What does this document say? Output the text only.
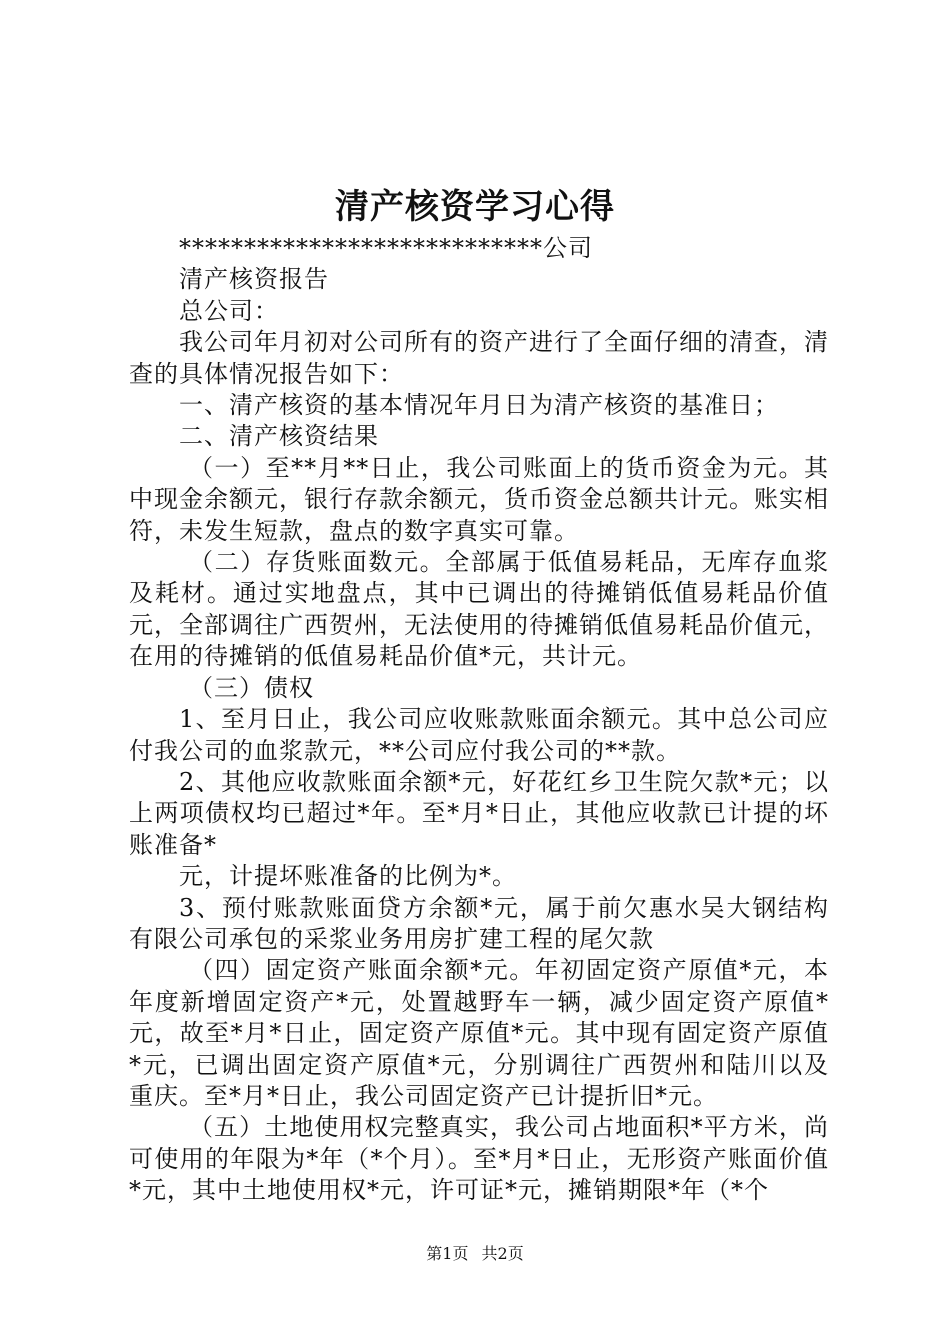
清产核资学习心得

****************************公司

清产核资报告

总公司：

我公司年月初对公司所有的资产进行了全面仔细的清查，清查的具体情况报告如下：

一、清产核资的基本情况年月日为清产核资的基准日；

二、清产核资结果

（一）至**月**日止，我公司账面上的货币资金为元。其中现金余额元，银行存款余额元，货币资金总额共计元。账实相符，未发生短款，盘点的数字真实可靠。

（二）存货账面数元。全部属于低值易耗品，无库存血浆及耗材。通过实地盘点，其中已调出的待摊销低值易耗品价值元，全部调往广西贺州，无法使用的待摊销低值易耗品价值元，在用的待摊销的低值易耗品价值*元，共计元。

（三）债权

1、至月日止，我公司应收账款账面余额元。其中总公司应付我公司的血浆款元，**公司应付我公司的**款。

2、其他应收款账面余额*元，好花红乡卫生院欠款*元；以上两项债权均已超过*年。至*月*日止，其他应收款已计提的坏账准备*

元，计提坏账准备的比例为*。

3、预付账款账面贷方余额*元，属于前欠惠水吴大钢结构有限公司承包的采浆业务用房扩建工程的尾欠款

（四）固定资产账面余额*元。年初固定资产原值*元，本年度新增固定资产*元，处置越野车一辆，减少固定资产原值*元，故至*月*日止，固定资产原值*元。其中现有固定资产原值*元，已调出固定资产原值*元，分别调往广西贺州和陆川以及重庆。至*月*日止，我公司固定资产已计提折旧*元。

（五）土地使用权完整真实，我公司占地面积*平方米，尚可使用的年限为*年（*个月）。至*月*日止，无形资产账面价值*元，其中土地使用权*元，许可证*元，摊销期限*年（*个

第1页 共2页
